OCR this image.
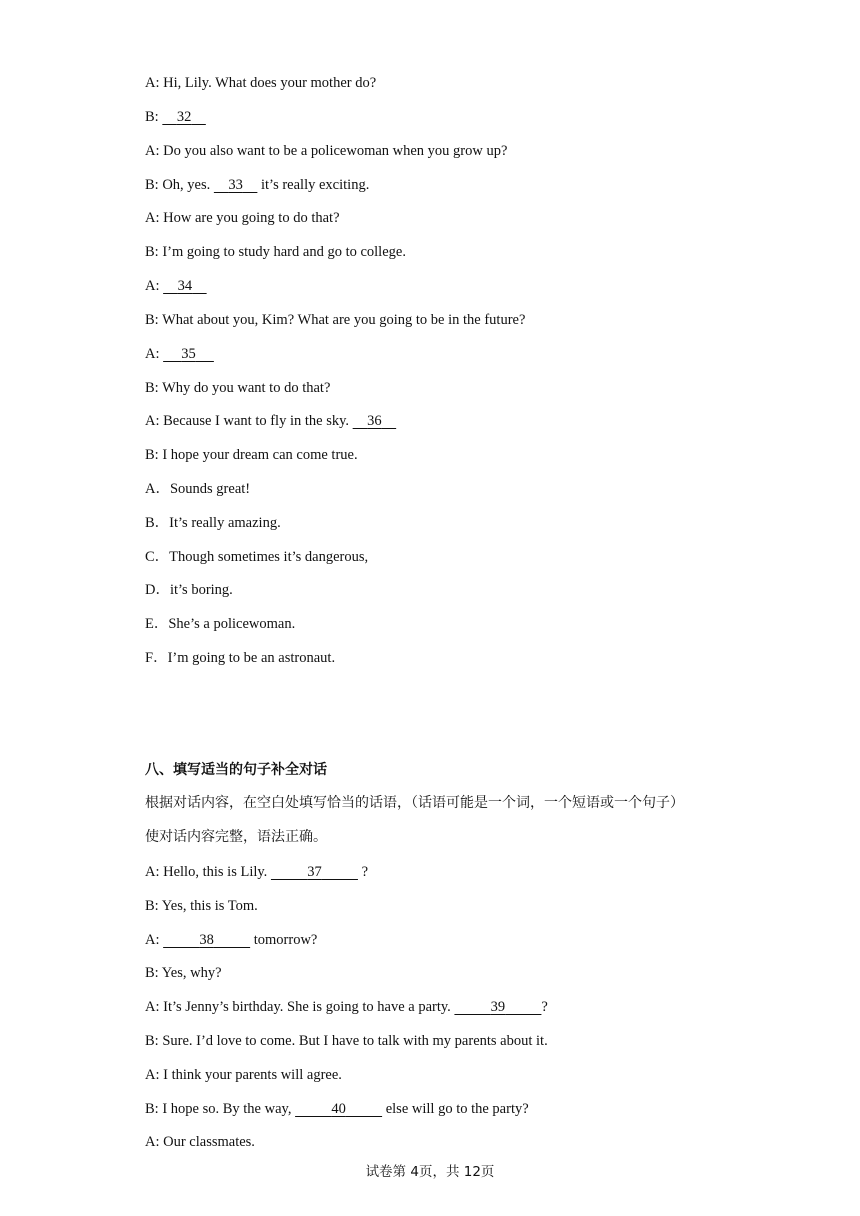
A: Hi, Lily. What does your mother do?
B:     32
A: Do you also want to be a policewoman when you grow up?
B: Oh, yes.     33     it’s really exciting.
A: How are you going to do that?
B: I’m going to study hard and go to college.
A:     34
B: What about you, Kim? What are you going to be in the future?
A:      35
B: Why do you want to do that?
A: Because I want to fly in the sky.     36
B: I hope your dream can come true.
A．Sounds great!
B．It’s really amazing.
C．Though sometimes it’s dangerous,
D．it’s boring.
E．She’s a policewoman.
F．I’m going to be an astronaut.
八、填写适当的句子补全对话
根据对话内容，在空白处填写恰当的话语，（话语可能是一个词，一个短语或一个句子）
使对话内容完整，语法正确。
A: Hello, this is Lily.	37	?
B: Yes, this is Tom.
A:	38	tomorrow?
B: Yes, why?
A: It’s Jenny’s birthday. She is going to have a party.	39	?
B: Sure. I’d love to come. But I have to talk with my parents about it.
A: I think your parents will agree.
B: I hope so. By the way,	40	else will go to the party?
A: Our classmates.
试卷第 4页，共 12页
